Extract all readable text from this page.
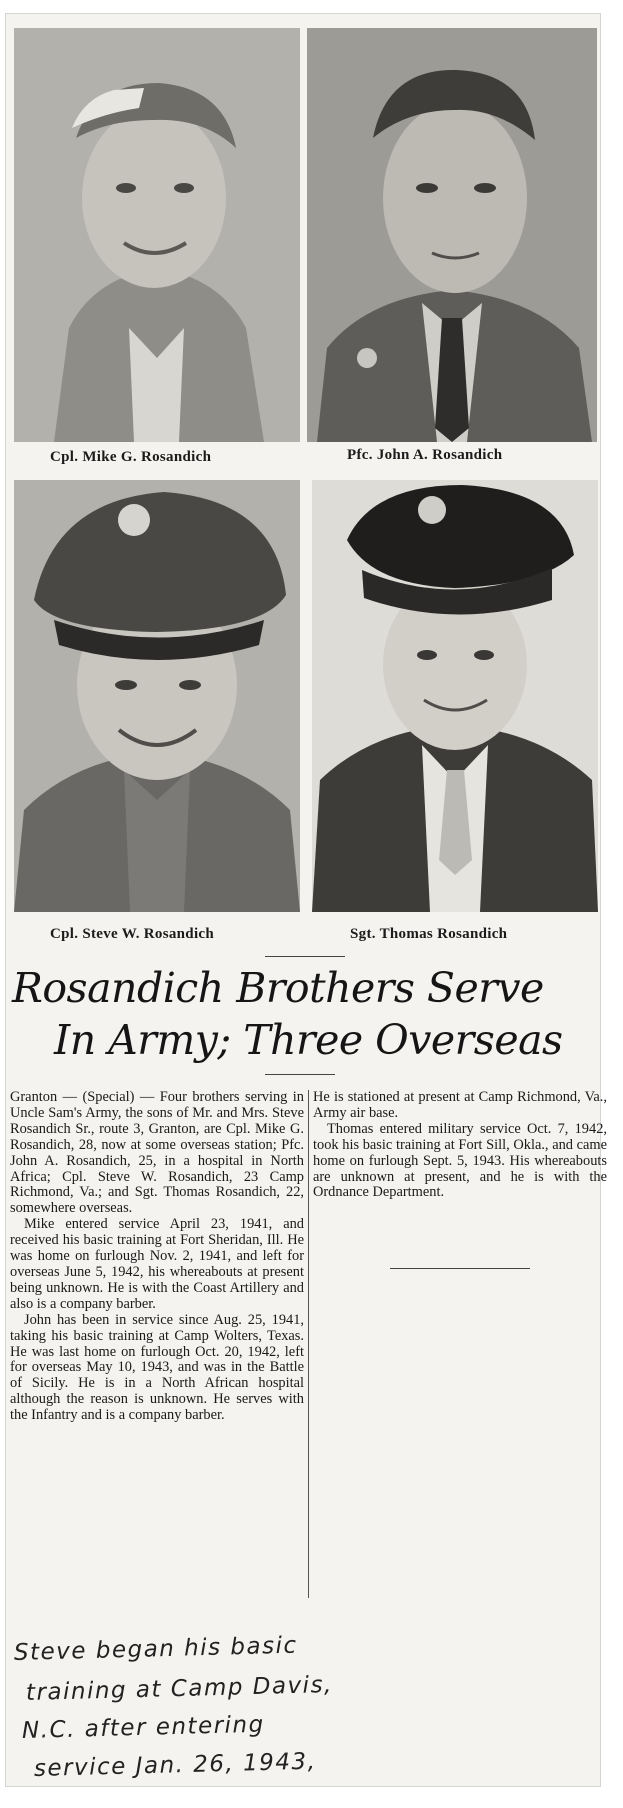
Cpl. Mike G. Rosandich	Pfc. John A. Rosandich
Cpl. Steve W. Rosandich	Sgt. Thomas Rosandich
Rosandich Brothers Serve
In Army; Three Overseas

Granton — (Special) — Four brothers serving in Uncle Sam's Army, the sons of Mr. and Mrs. Steve Rosandich Sr., route 3, Granton, are Cpl. Mike G. Rosandich, 28, now at some overseas station; Pfc. John A. Rosandich, 25, in a hospital in North Africa; Cpl. Steve W. Rosandich, 23 Camp Richmond, Va.; and Sgt. Thomas Rosandich, 22, somewhere overseas.

Mike entered service April 23, 1941, and received his basic training at Fort Sheridan, Ill. He was home on furlough Nov. 2, 1941, and left for overseas June 5, 1942, his whereabouts at present being unknown. He is with the Coast Artillery and also is a company barber.

John has been in service since Aug. 25, 1941, taking his basic training at Camp Wolters, Texas. He was last home on furlough Oct. 20, 1942, left for overseas May 10, 1943, and was in the Battle of Sicily. He is in a North African hospital although the reason is unknown. He serves with the Infantry and is a company barber.

He is stationed at present at Camp Richmond, Va., Army air base.

Thomas entered military service Oct. 7, 1942, took his basic training at Fort Sill, Okla., and came home on furlough Sept. 5, 1943. His whereabouts are unknown at present, and he is with the Ordnance Department.

Steve began his basic
training at Camp Davis,
N.C. after entering
service Jan. 26, 1943,
